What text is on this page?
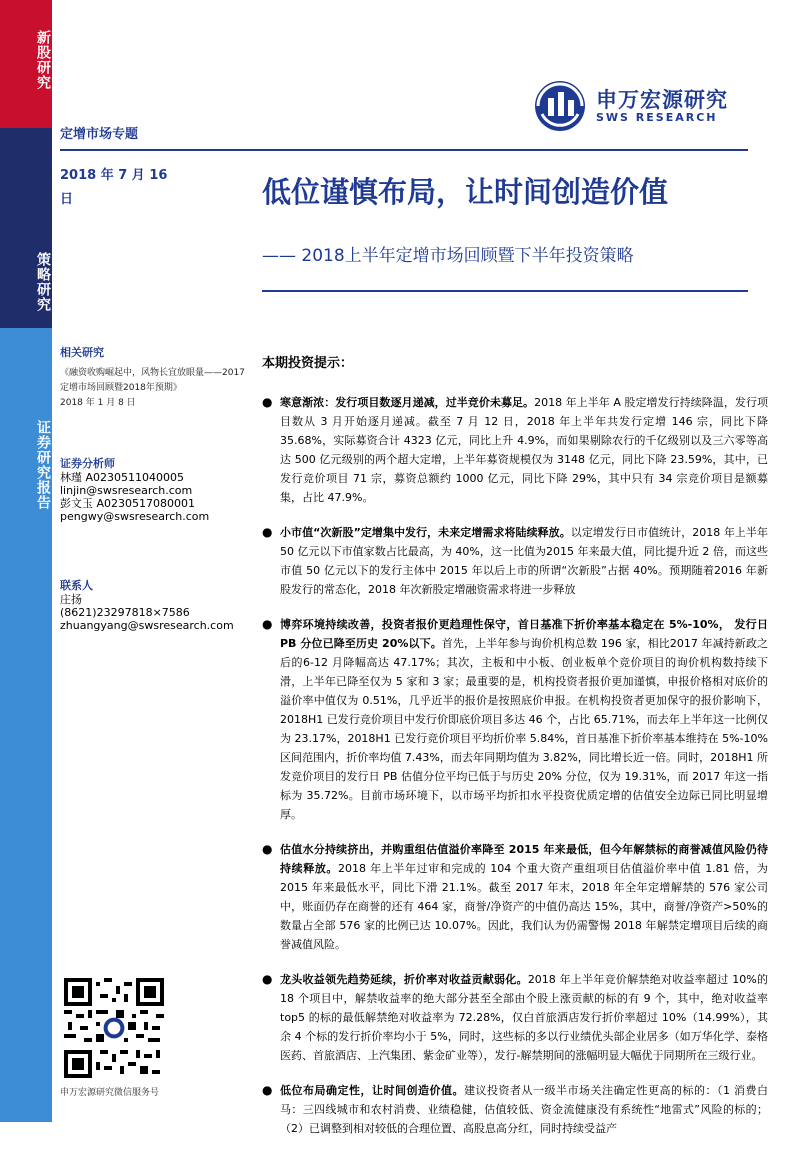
新股研究
策略研究
证券研究报告
申万宏源研究
SWS RESEARCH
定增市场专题
2018 年 7 月 16 日	低位谨慎布局，让时间创造价值
—— 2018上半年定增市场回顾暨下半年投资策略
相关研究
《融资收购崛起中，风物长宜放眼量——2017定增市场回顾暨2018年预期》
2018 年 1 月 8 日
证券分析师
林瑾 A0230511040005
linjin@swsresearch.com
彭文玉 A0230517080001
pengwy@swsresearch.com
联系人
庄扬
(8621)23297818×7586
zhuangyang@swsresearch.com
申万宏源研究微信服务号
本期投资提示：
● 寒意渐浓：发行项目数逐月递减，过半竞价未募足。2018 年上半年 A 股定增发行持续降温，发行项目数从 3 月开始逐月递减。截至 7 月 12 日，2018 年上半年共发行定增 146 宗，同比下降 35.68%，实际募资合计 4323 亿元，同比上升 4.9%，而如果剔除农行的千亿级别以及三六零等高达 500 亿元级别的两个超大定增，上半年募资规模仅为 3148 亿元，同比下降 23.59%，其中，已发行竞价项目 71 宗，募资总额约 1000 亿元，同比下降 29%，其中只有 34 宗竞价项目是额募集，占比 47.9%。
● 小市值“次新股”定增集中发行，未来定增需求将陆续释放。以定增发行日市值统计，2018 年上半年 50 亿元以下市值家数占比最高，为 40%，这一比值为2015 年来最大值，同比提升近 2 倍，而这些市值 50 亿元以下的发行主体中 2015 年以后上市的所谓“次新股”占据 40%。预期随着2016 年新股发行的常态化，2018 年次新股定增融资需求将进一步释放
● 博弈环境持续改善，投资者报价更趋理性保守，首日基准下折价率基本稳定在 5%-10%， 发行日 PB 分位已降至历史 20%以下。首先，上半年参与询价机构总数 196 家，相比2017 年减持新政之后的6-12 月降幅高达 47.17%；其次，主板和中小板、创业板单个竞价项目的询价机构数持续下滑，上半年已降至仅为 5 家和 3 家；最重要的是，机构投资者报价更加谨慎，申报价格相对底价的溢价率中值仅为 0.51%，几乎近半的报价是按照底价申报。在机构投资者更加保守的报价影响下，2018H1 已发行竞价项目中发行价即底价项目多达 46 个，占比 65.71%，而去年上半年这一比例仅为 23.17%，2018H1 已发行竞价项目平均折价率 5.84%，首日基准下折价率基本维持在 5%-10%区间范围内，折价率均值 7.43%，而去年同期均值为 3.82%，同比增长近一倍。同时，2018H1 所发竞价项目的发行日 PB 估值分位平均已低于与历史 20% 分位，仅为 19.31%，而 2017 年这一指标为 35.72%。目前市场环境下，以市场平均折扣水平投资优质定增的估值安全边际已同比明显增厚。
● 估值水分持续挤出，并购重组估值溢价率降至 2015 年来最低，但今年解禁标的商誉减值风险仍待持续释放。2018 年上半年过审和完成的 104 个重大资产重组项目估值溢价率中值 1.81 倍，为 2015 年来最低水平，同比下滑 21.1%。截至 2017 年末，2018 年全年定增解禁的 576 家公司中，账面仍存在商誉的还有 464 家，商誉/净资产的中值仍高达 15%，其中，商誉/净资产>50%的数量占全部 576 家的比例已达 10.07%。因此，我们认为仍需警惕 2018 年解禁定增项目后续的商誉减值风险。
● 龙头收益领先趋势延续，折价率对收益贡献弱化。2018 年上半年竞价解禁绝对收益率超过 10%的 18 个项目中，解禁收益率的绝大部分甚至全部由个股上涨贡献的标的有 9 个，其中，绝对收益率 top5 的标的最低解禁绝对收益率为 72.28%，仅白首旅酒店发行折价率超过 10%（14.99%），其余 4 个标的发行折价率均小于 5%，同时，这些标的多以行业绩优头部企业居多（如万华化学、泰格医药、首旅酒店、上汽集团、紫金矿业等），发行-解禁期间的涨幅明显大幅优于同期所在三级行业。
● 低位布局确定性，让时间创造价值。建议投资者从一级半市场关注确定性更高的标的：（1 消费白马：三四线城市和农村消费、业绩稳健，估值较低、资金流健康没有系统性“地雷式”风险的标的；（2）已调整到相对较低的合理位置、高股息高分红，同时持续受益产
